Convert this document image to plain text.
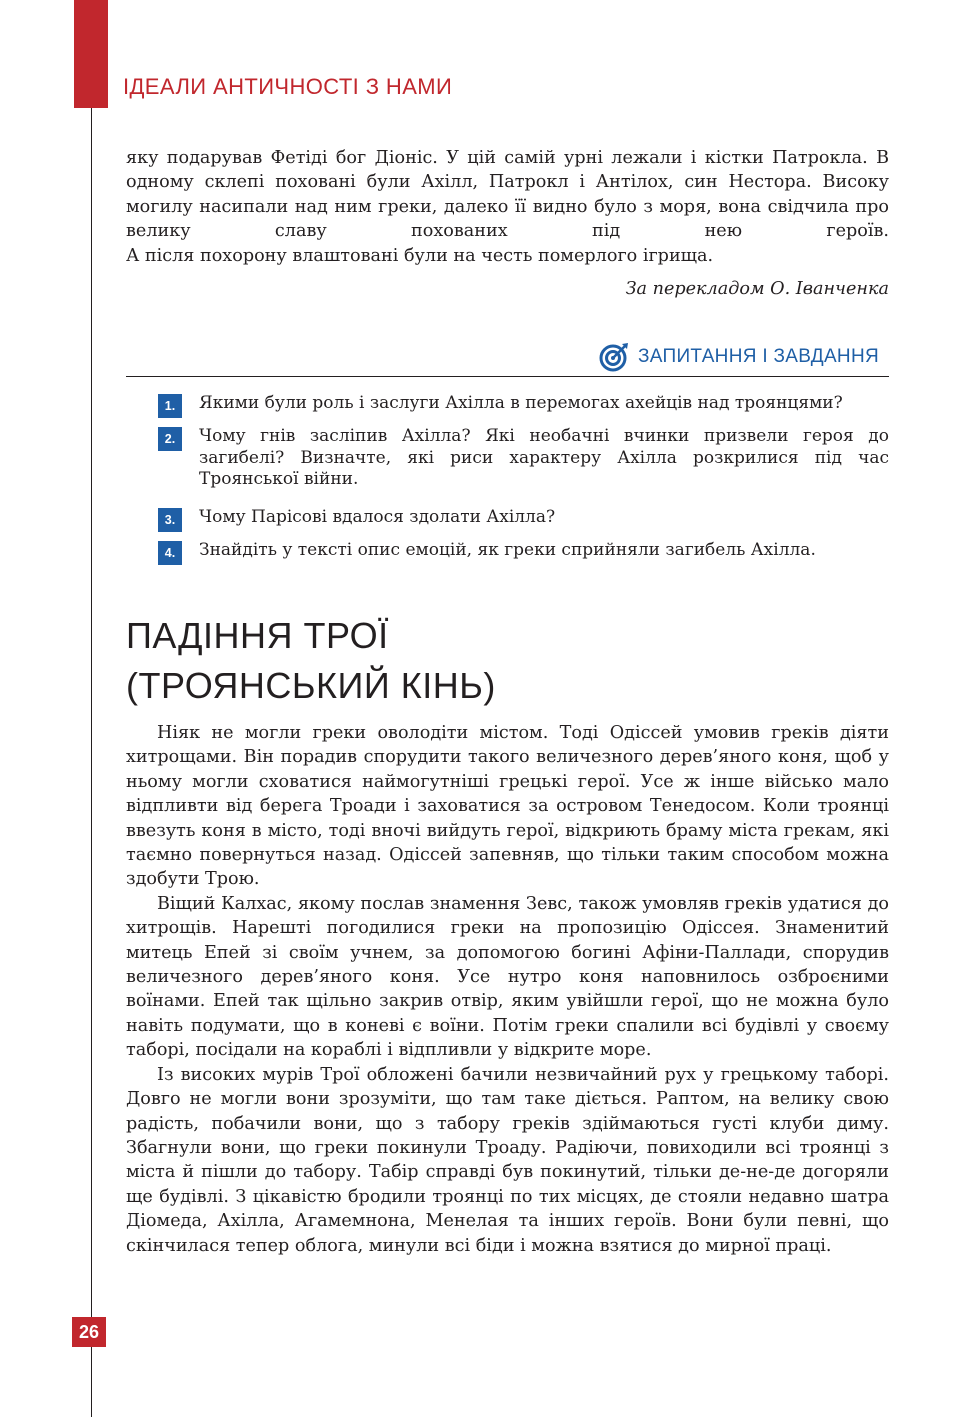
ІДЕАЛИ АНТИЧНОСТІ З НАМИ

яку подарував Фетіді бог Діоніс. У цій самій урні лежали і кістки Патрокла. В одному склепі поховані були Ахілл, Патрокл і Антілох, син Нестора. Високу могилу насипали над ним греки, далеко її видно було з моря, вона свідчила про велику славу похованих під нею героїв.

А після похорону влаштовані були на честь померлого ігрища.

За перекладом О. Іванченка
ЗАПИТАННЯ І ЗАВДАННЯ
1.	Якими були роль і заслуги Ахілла в перемогах ахейців над троянцями?

2.	Чому гнів засліпив Ахілла? Які необачні вчинки призвели героя до загибелі? Визначте, які риси характеру Ахілла розкрилися під час Троянської війни.

3.	Чому Парісові вдалося здолати Ахілла?

4.	Знайдіть у тексті опис емоцій, як греки сприйняли загибель Ахілла.

ПАДІННЯ ТРОЇ
(ТРОЯНСЬКИЙ КІНЬ)

Ніяк не могли греки оволодіти містом. Тоді Одіссей умовив греків діяти хитрощами. Він порадив спорудити такого величезного дерев’яного коня, щоб у ньому могли сховатися наймогутніші грецькі герої. Усе ж інше військо мало відпливти від берега Троади і заховатися за островом Тенедосом. Коли троянці ввезуть коня в місто, тоді вночі вийдуть герої, відкриють браму міста грекам, які таємно повернуться назад. Одіссей запевняв, що тільки таким способом можна здобути Трою.

Віщий Калхас, якому послав знамення Зевс, також умовляв греків удатися до хитрощів. Нарешті погодилися греки на пропозицію Одіссея. Знаменитий митець Епей зі своїм учнем, за допомогою богині Афіни-Паллади, спорудив величезного дерев’яного коня. Усе нутро коня наповнилось озброєними воїнами. Епей так щільно закрив отвір, яким увійшли герої, що не можна було навіть подумати, що в коневі є воїни. Потім греки спалили всі будівлі у своєму таборі, посідали на кораблі і відпливли у відкрите море.

Із високих мурів Трої обложені бачили незвичайний рух у грецькому таборі. Довго не могли вони зрозуміти, що там таке діється. Раптом, на велику свою радість, побачили вони, що з табору греків здіймаються густі клуби диму. Збагнули вони, що греки покинули Троаду. Радіючи, повиходили всі троянці з міста й пішли до табору. Табір справді був покинутий, тільки де-не-де догоряли ще будівлі. З цікавістю бродили троянці по тих місцях, де стояли недавно шатра Діомеда, Ахілла, Агамемнона, Менелая та інших героїв. Вони були певні, що скінчилася тепер облога, минули всі біди і можна взятися до мирної праці.

26
